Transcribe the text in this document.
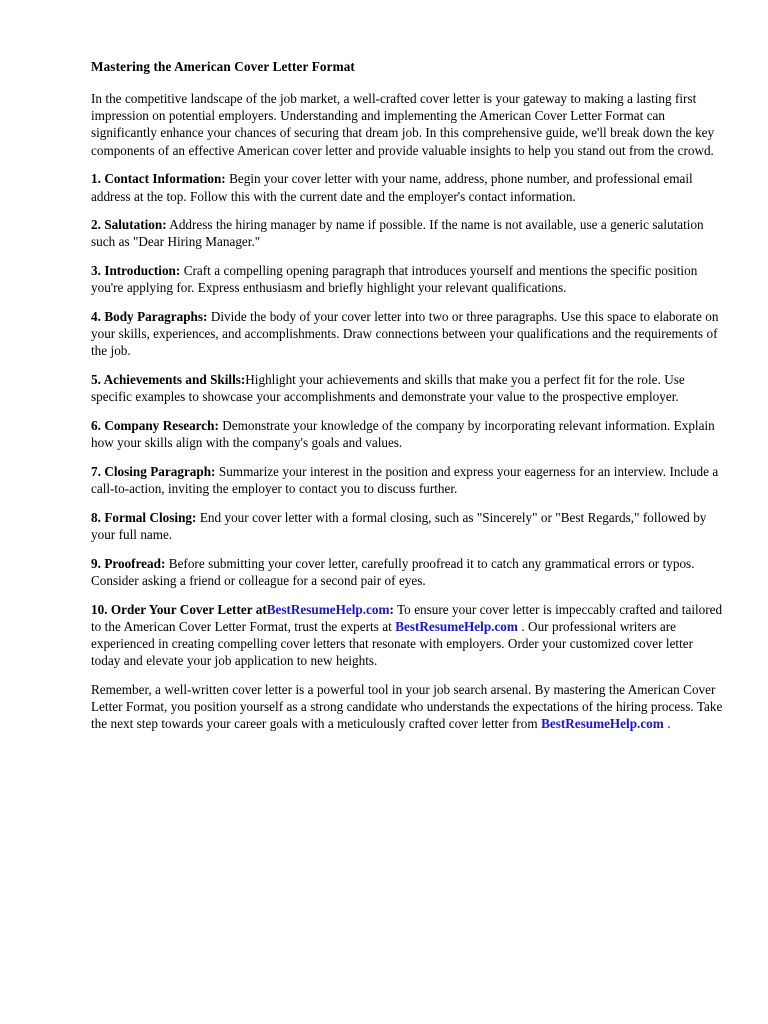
Mastering the American Cover Letter Format

In the competitive landscape of the job market, a well-crafted cover letter is your gateway to making a lasting first impression on potential employers. Understanding and implementing the American Cover Letter Format can significantly enhance your chances of securing that dream job. In this comprehensive guide, we'll break down the key components of an effective American cover letter and provide valuable insights to help you stand out from the crowd.

1. Contact Information: Begin your cover letter with your name, address, phone number, and professional email address at the top. Follow this with the current date and the employer's contact information.

2. Salutation: Address the hiring manager by name if possible. If the name is not available, use a generic salutation such as "Dear Hiring Manager."

3. Introduction: Craft a compelling opening paragraph that introduces yourself and mentions the specific position you're applying for. Express enthusiasm and briefly highlight your relevant qualifications.

4. Body Paragraphs: Divide the body of your cover letter into two or three paragraphs. Use this space to elaborate on your skills, experiences, and accomplishments. Draw connections between your qualifications and the requirements of the job.

5. Achievements and Skills:Highlight your achievements and skills that make you a perfect fit for the role. Use specific examples to showcase your accomplishments and demonstrate your value to the prospective employer.

6. Company Research: Demonstrate your knowledge of the company by incorporating relevant information. Explain how your skills align with the company's goals and values.

7. Closing Paragraph: Summarize your interest in the position and express your eagerness for an interview. Include a call-to-action, inviting the employer to contact you to discuss further.

8. Formal Closing: End your cover letter with a formal closing, such as "Sincerely" or "Best Regards," followed by your full name.

9. Proofread: Before submitting your cover letter, carefully proofread it to catch any grammatical errors or typos. Consider asking a friend or colleague for a second pair of eyes.

10. Order Your Cover Letter atBestResumeHelp.com: To ensure your cover letter is impeccably crafted and tailored to the American Cover Letter Format, trust the experts at BestResumeHelp.com . Our professional writers are experienced in creating compelling cover letters that resonate with employers. Order your customized cover letter today and elevate your job application to new heights.

Remember, a well-written cover letter is a powerful tool in your job search arsenal. By mastering the American Cover Letter Format, you position yourself as a strong candidate who understands the expectations of the hiring process. Take the next step towards your career goals with a meticulously crafted cover letter from BestResumeHelp.com .
